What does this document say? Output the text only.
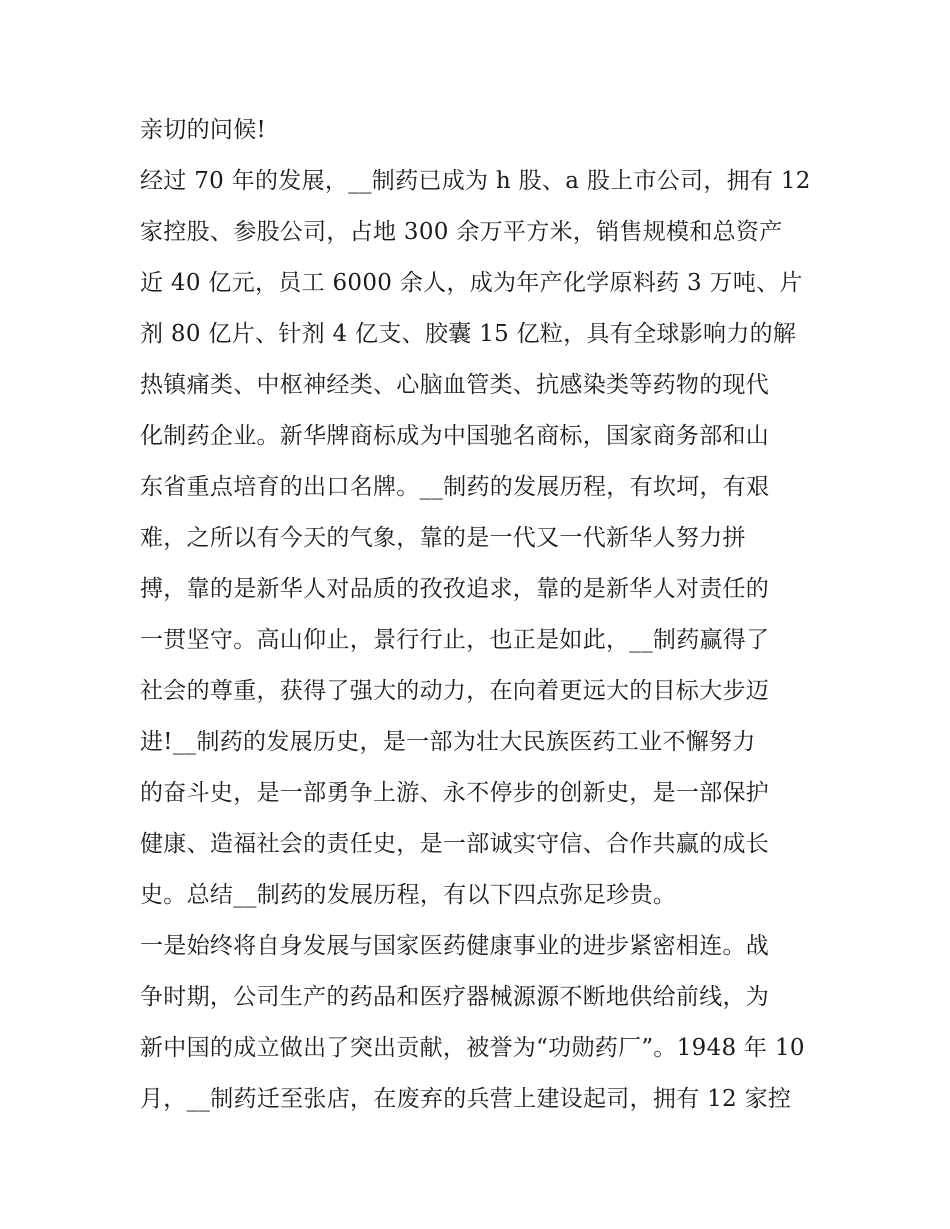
亲切的问候!
经过 70 年的发展，__制药已成为 h 股、a 股上市公司，拥有 12
家控股、参股公司，占地 300 余万平方米，销售规模和总资产
近 40 亿元，员工 6000 余人，成为年产化学原料药 3 万吨、片
剂 80 亿片、针剂 4 亿支、胶囊 15 亿粒，具有全球影响力的解
热镇痛类、中枢神经类、心脑血管类、抗感染类等药物的现代
化制药企业。新华牌商标成为中国驰名商标，国家商务部和山
东省重点培育的出口名牌。__制药的发展历程，有坎坷，有艰
难，之所以有今天的气象，靠的是一代又一代新华人努力拼
搏，靠的是新华人对品质的孜孜追求，靠的是新华人对责任的
一贯坚守。高山仰止，景行行止，也正是如此，__制药赢得了
社会的尊重，获得了强大的动力，在向着更远大的目标大步迈
进!__制药的发展历史，是一部为壮大民族医药工业不懈努力
的奋斗史，是一部勇争上游、永不停步的创新史，是一部保护
健康、造福社会的责任史，是一部诚实守信、合作共赢的成长
史。总结__制药的发展历程，有以下四点弥足珍贵。
一是始终将自身发展与国家医药健康事业的进步紧密相连。战
争时期，公司生产的药品和医疗器械源源不断地供给前线，为
新中国的成立做出了突出贡献，被誉为“功勋药厂”。1948 年 10
月，__制药迁至张店，在废弃的兵营上建设起司，拥有 12 家控
